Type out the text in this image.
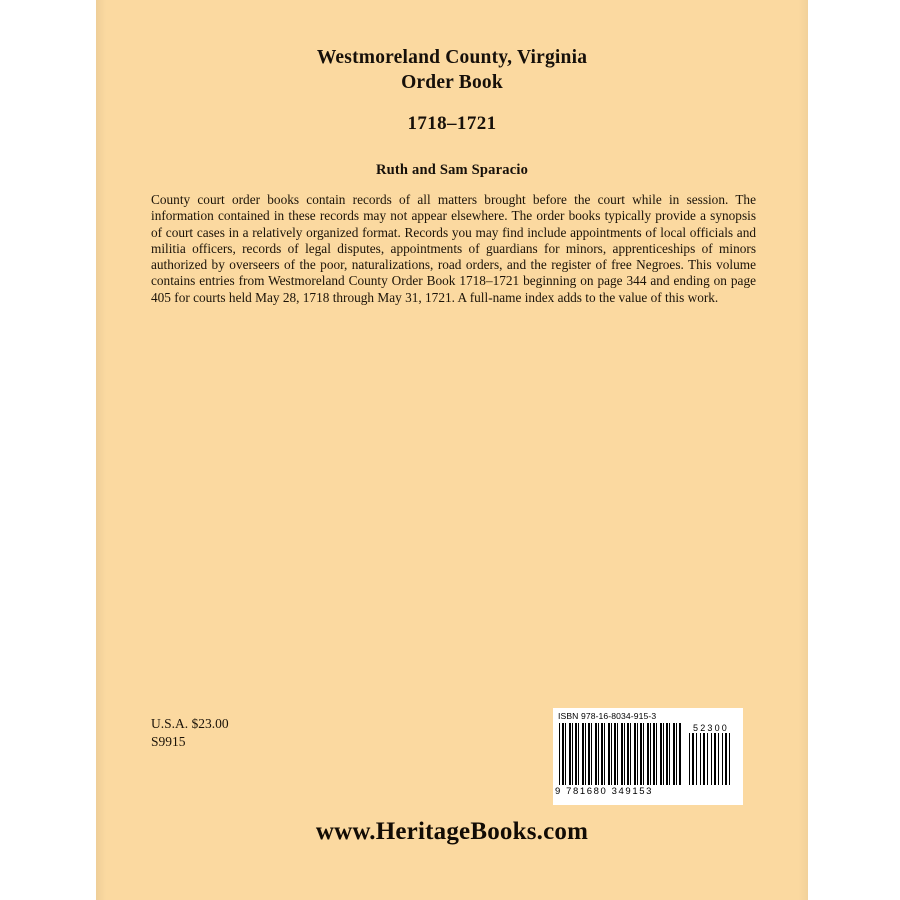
Westmoreland County, Virginia
Order Book
1718–1721
Ruth and Sam Sparacio
County court order books contain records of all matters brought before the court while in session. The information contained in these records may not appear elsewhere. The order books typically provide a synopsis of court cases in a relatively organized format. Records you may find include appointments of local officials and militia officers, records of legal disputes, appointments of guardians for minors, apprenticeships of minors authorized by overseers of the poor, naturalizations, road orders, and the register of free Negroes. This volume contains entries from Westmoreland County Order Book 1718–1721 beginning on page 344 and ending on page 405 for courts held May 28, 1718 through May 31, 1721. A full-name index adds to the value of this work.
U.S.A. $23.00
S9915
ISBN 978-16-8034-915-3
52300
9 781680 349153
www.HeritageBooks.com
